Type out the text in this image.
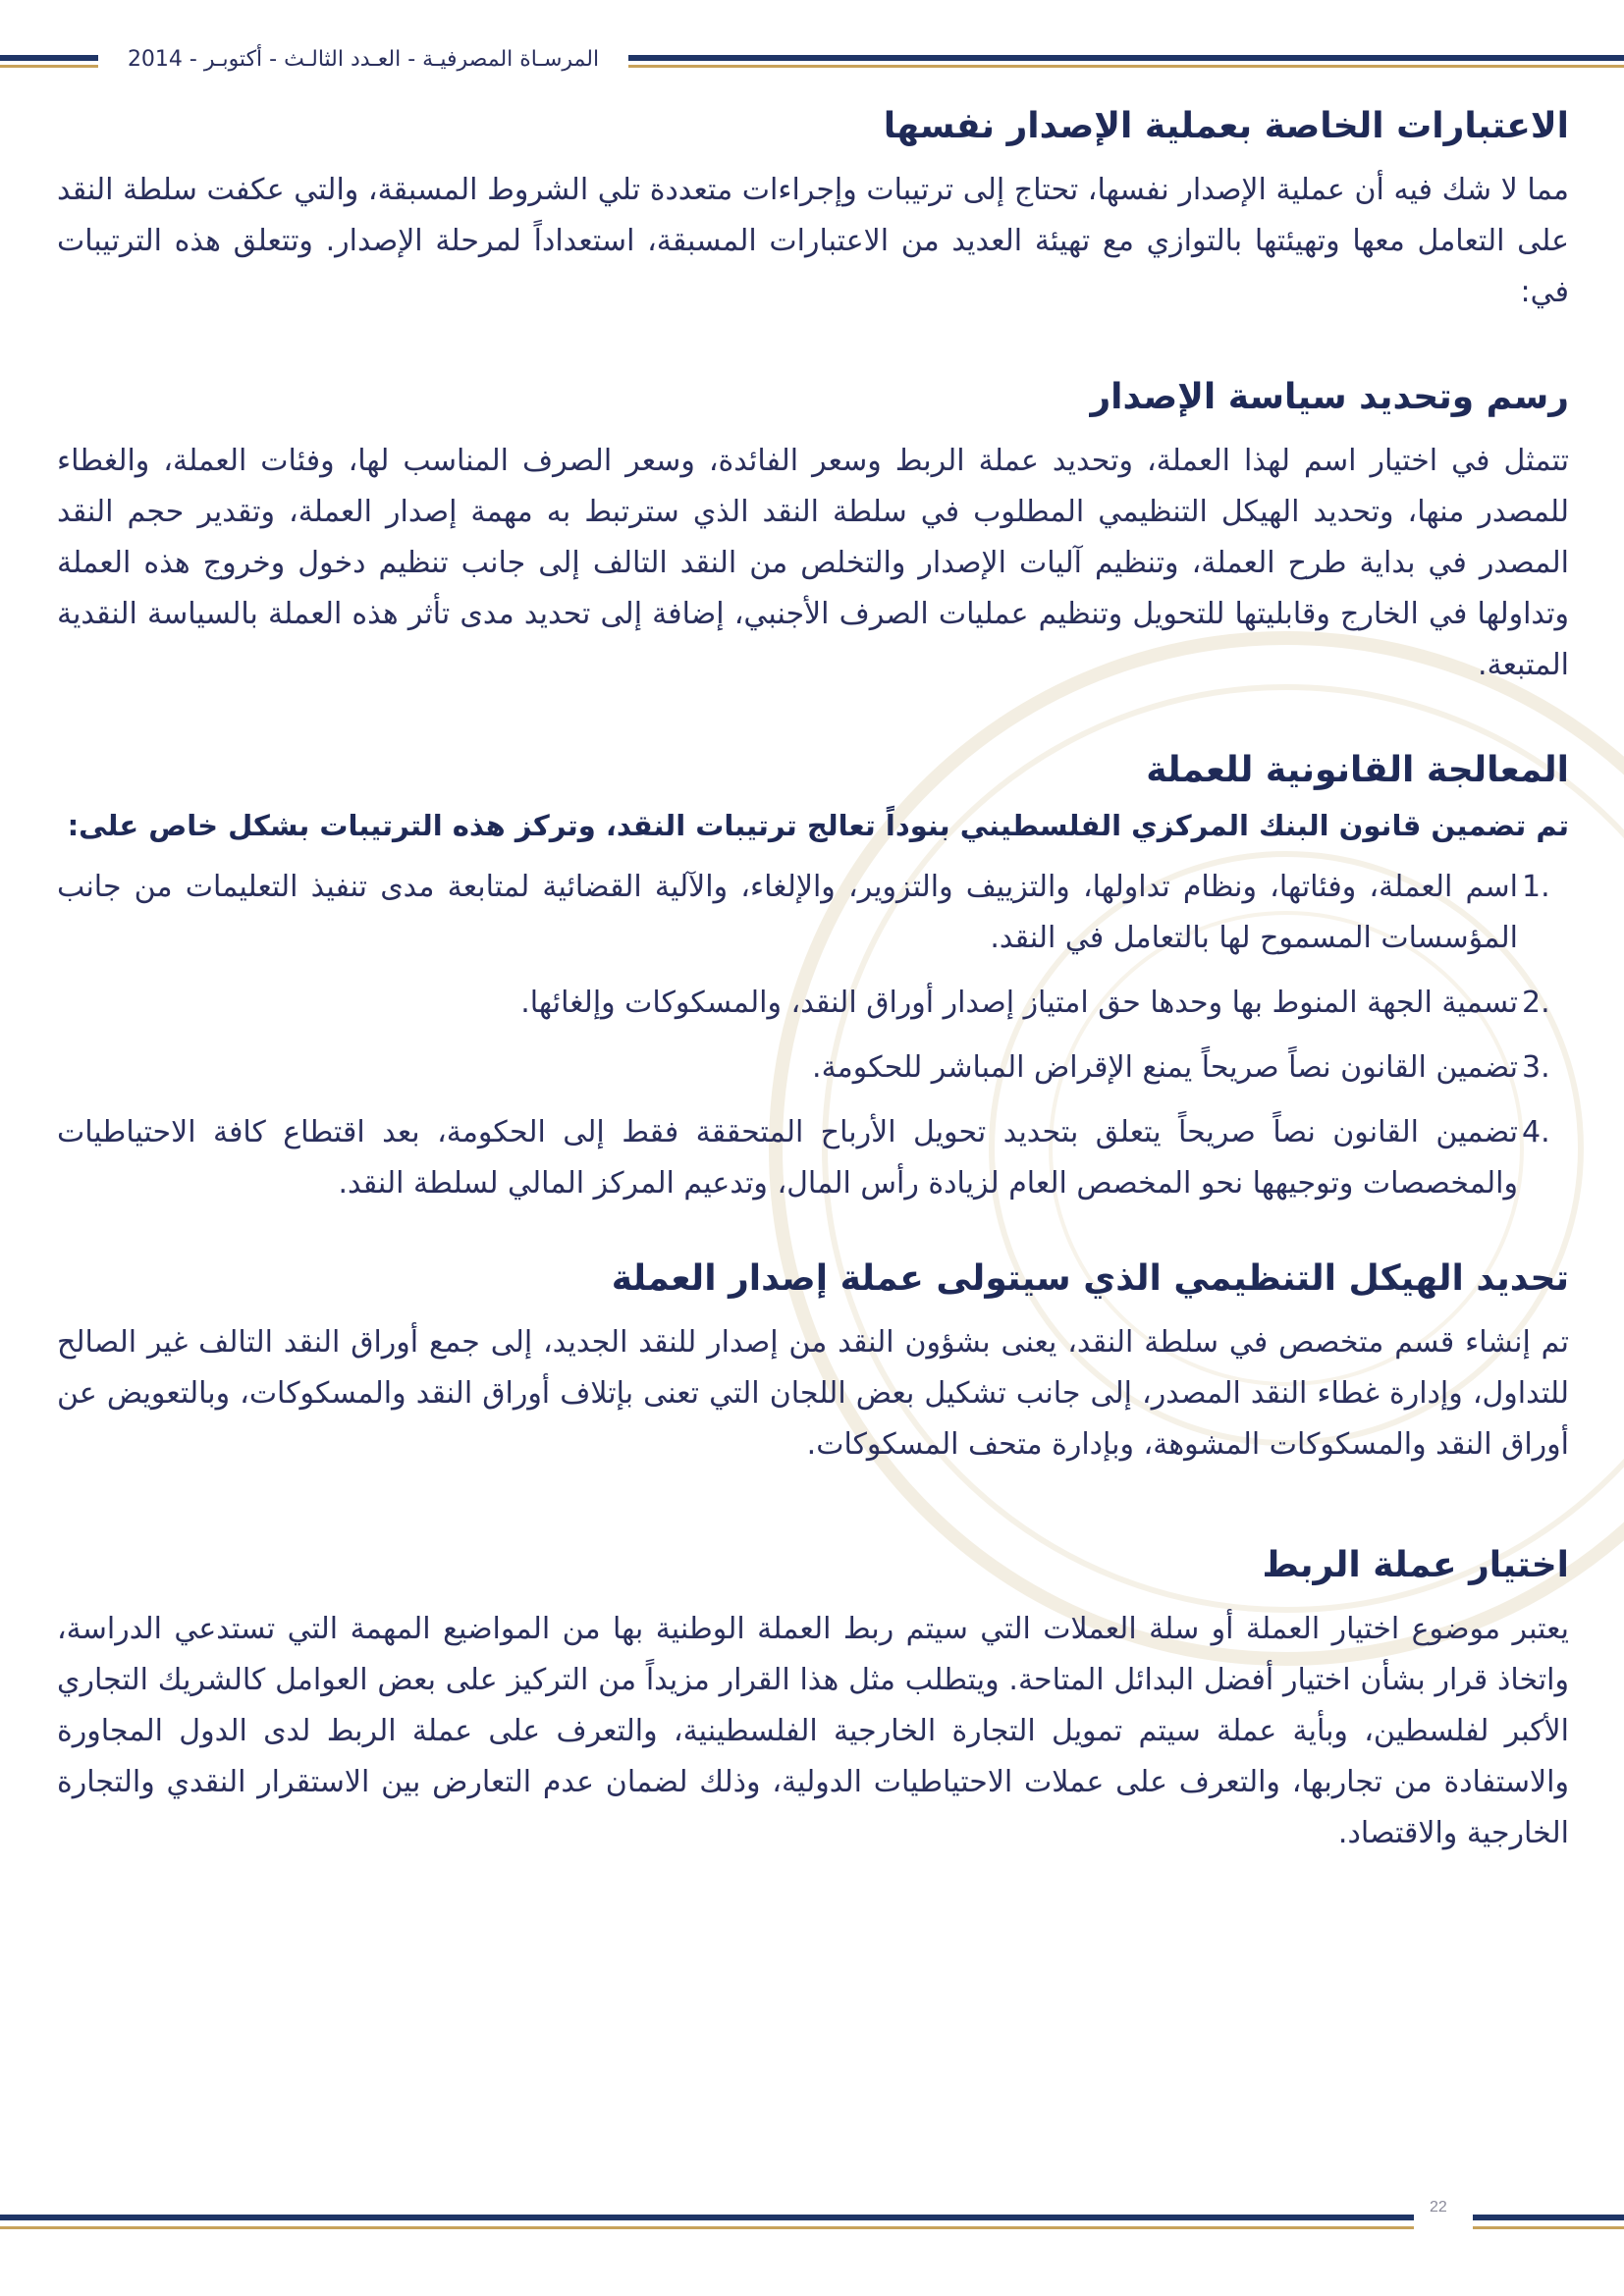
المرسـاة المصرفيـة - العـدد الثالـث - أكتوبـر - 2014
الاعتبارات الخاصة بعملية الإصدار نفسها

مما لا شك فيه أن عملية الإصدار نفسها، تحتاج إلى ترتيبات وإجراءات متعددة تلي الشروط المسبقة، والتي عكفت سلطة النقد على التعامل معها وتهيئتها بالتوازي مع تهيئة العديد من الاعتبارات المسبقة، استعداداً لمرحلة الإصدار. وتتعلق هذه الترتيبات في:

رسم وتحديد سياسة الإصدار

تتمثل في اختيار اسم لهذا العملة، وتحديد عملة الربط وسعر الفائدة، وسعر الصرف المناسب لها، وفئات العملة، والغطاء للمصدر منها، وتحديد الهيكل التنظيمي المطلوب في سلطة النقد الذي سترتبط به مهمة إصدار العملة، وتقدير حجم النقد المصدر في بداية طرح العملة، وتنظيم آليات الإصدار والتخلص من النقد التالف إلى جانب تنظيم دخول وخروج هذه العملة وتداولها في الخارج وقابليتها للتحويل وتنظيم عمليات الصرف الأجنبي، إضافة إلى تحديد مدى تأثر هذه العملة بالسياسة النقدية المتبعة.

المعالجة القانونية للعملة

تم تضمين قانون البنك المركزي الفلسطيني بنوداً تعالج ترتيبات النقد، وتركز هذه الترتيبات بشكل خاص على:

1.
اسم العملة، وفئاتها، ونظام تداولها، والتزييف والتزوير، والإلغاء، والآلية القضائية لمتابعة مدى تنفيذ التعليمات من جانب المؤسسات المسموح لها بالتعامل في النقد.
2.
تسمية الجهة المنوط بها وحدها حق امتياز إصدار أوراق النقد، والمسكوكات وإلغائها.
3.
تضمين القانون نصاً صريحاً يمنع الإقراض المباشر للحكومة.
4.
تضمين القانون نصاً صريحاً يتعلق بتحديد تحويل الأرباح المتحققة فقط إلى الحكومة، بعد اقتطاع كافة الاحتياطيات والمخصصات وتوجيهها نحو المخصص العام لزيادة رأس المال، وتدعيم المركز المالي لسلطة النقد.
تحديد الهيكل التنظيمي الذي سيتولى عملة إصدار العملة

تم إنشاء قسم متخصص في سلطة النقد، يعنى بشؤون النقد من إصدار للنقد الجديد، إلى جمع أوراق النقد التالف غير الصالح للتداول، وإدارة غطاء النقد المصدر، إلى جانب تشكيل بعض اللجان التي تعنى بإتلاف أوراق النقد والمسكوكات، وبالتعويض عن أوراق النقد والمسكوكات المشوهة، وبإدارة متحف المسكوكات.

اختيار عملة الربط

يعتبر موضوع اختيار العملة أو سلة العملات التي سيتم ربط العملة الوطنية بها من المواضيع المهمة التي تستدعي الدراسة، واتخاذ قرار بشأن اختيار أفضل البدائل المتاحة. ويتطلب مثل هذا القرار مزيداً من التركيز على بعض العوامل كالشريك التجاري الأكبر لفلسطين، وبأية عملة سيتم تمويل التجارة الخارجية الفلسطينية، والتعرف على عملة الربط لدى الدول المجاورة والاستفادة من تجاربها، والتعرف على عملات الاحتياطيات الدولية، وذلك لضمان عدم التعارض بين الاستقرار النقدي والتجارة الخارجية والاقتصاد.

22
